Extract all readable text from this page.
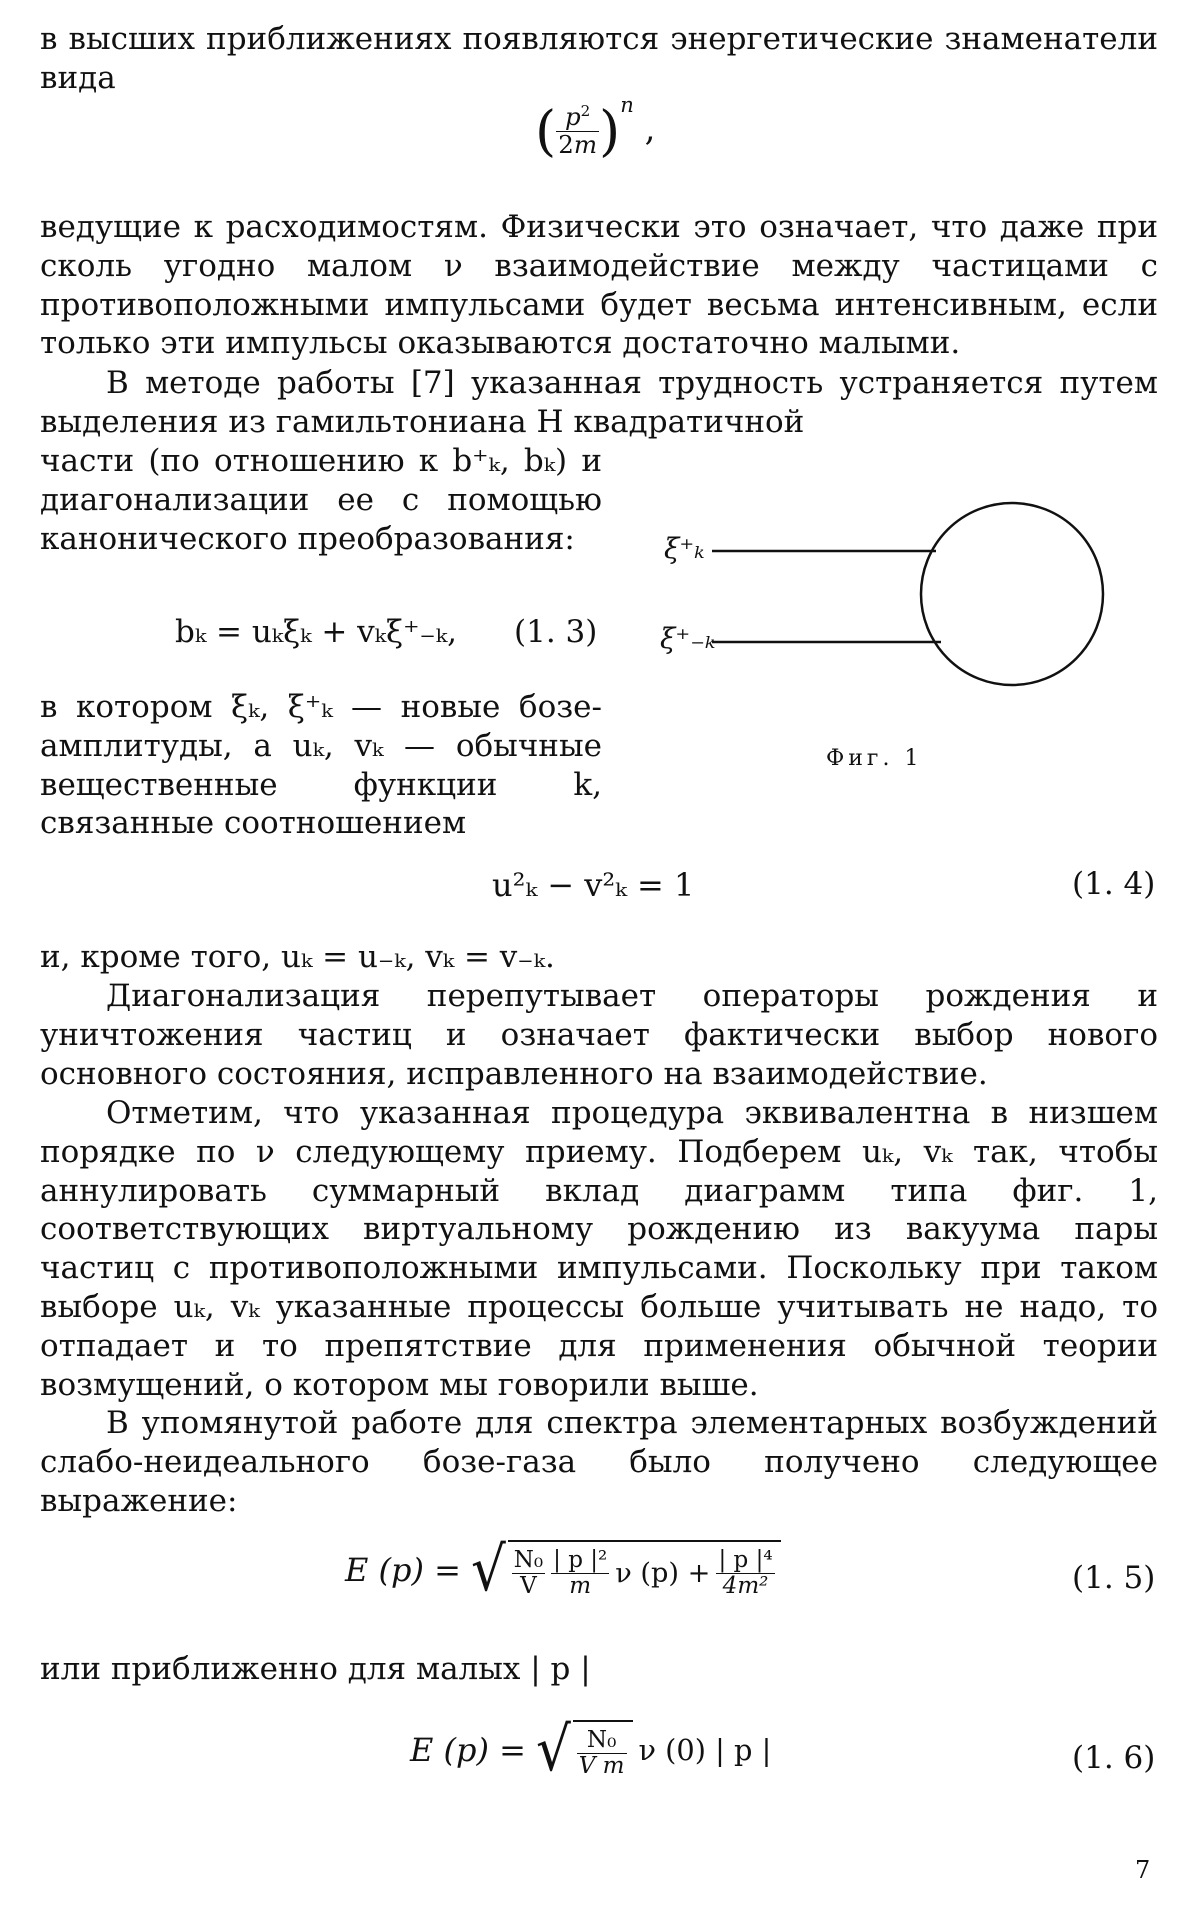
в высших приближениях появляются энергетические знаменатели вида

( $\frac{p^2}{2m} )^n$ ,

ведущие к расходимостям. Физически это означает, что даже при сколь угодно малом ν взаимодействие между частицами с противоположными импульсами будет весьма интенсивным, если только эти импульсы оказываются достаточно малыми.

В методе работы [7] указанная трудность устраняется путем выделения из гамильтониана H квадратичной

части (по отношению к b⁺ₖ, bₖ) и диагонализации ее с помощью канонического преобразования:

bₖ = uₖξₖ + vₖξ⁺₋ₖ, (1. 3)

в котором ξₖ, ξ⁺ₖ — новые бозе-амплитуды, а uₖ, vₖ — обычные вещественные функции k, связанные соотношением

ξ⁺ₖ
ξ⁺₋ₖ
Фиг. 1
u²ₖ − v²ₖ = 1	(1. 4)

и, кроме того, uₖ = u₋ₖ, vₖ = v₋ₖ.

Диагонализация перепутывает операторы рождения и уничтожения частиц и означает фактически выбор нового основного состояния, исправленного на взаимодействие.

Отметим, что указанная процедура эквивалентна в низшем порядке по ν следующему приему. Подберем uₖ, vₖ так, чтобы аннулировать суммарный вклад диаграмм типа фиг. 1, соответствующих виртуальному рождению из вакуума пары частиц с противоположными импульсами. Поскольку при таком выборе uₖ, vₖ указанные процессы больше учитывать не надо, то отпадает и то препятствие для применения обычной теории возмущений, о котором мы говорили выше.

В упомянутой работе для спектра элементарных возбуждений слабо-неидеального бозе-газа было получено следующее выражение:

E (p) = √ $\frac{\text{N₀}}{V} \frac{\text{| p |²}}{m}$ ν $(p) + \frac{\text{| p |⁴}}{\text{4m²}}$	(1. 5)

или приближенно для малых | p |

E (p) = √ $\frac{\text{N₀}}{\text{V m}}$ ν (0) | p |	(1. 6)
7
